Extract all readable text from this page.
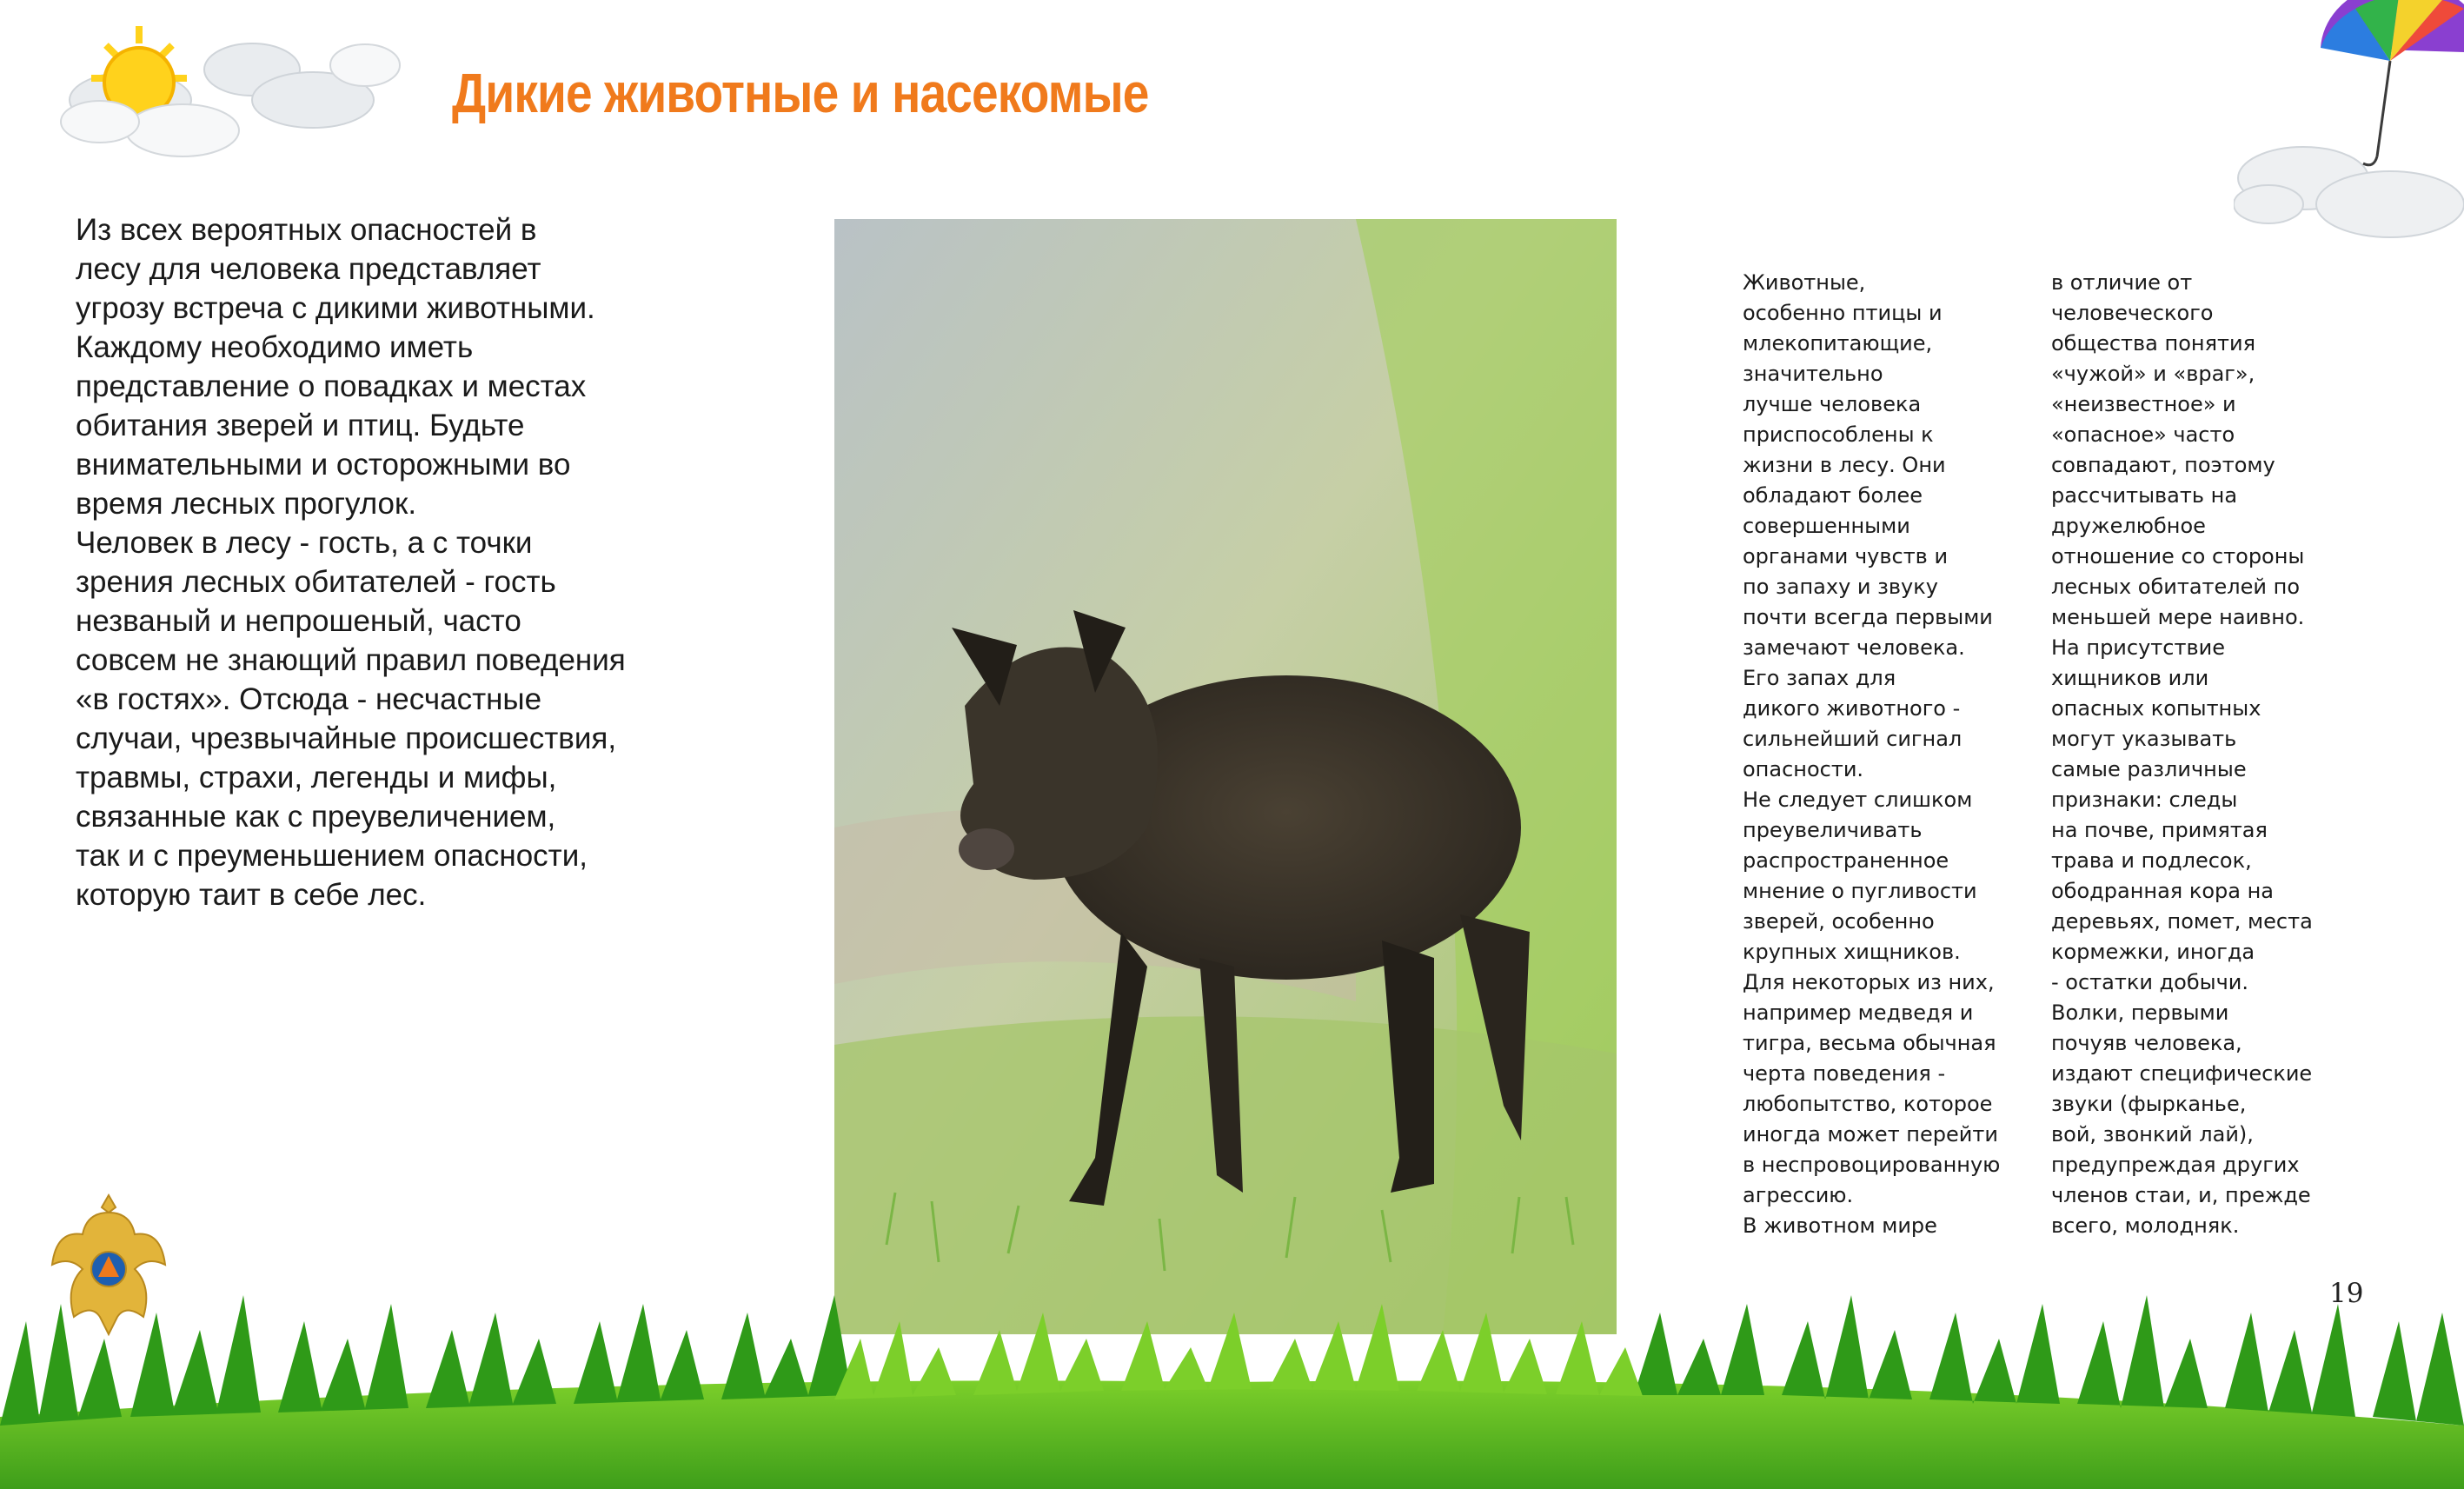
Дикие животные и насекомые
Из всех вероятных опасностей в
лесу для человека представляет
угрозу встреча с дикими животными.
Каждому необходимо иметь
представление о повадках и местах
обитания зверей и птиц. Будьте
внимательными и осторожными во
время лесных прогулок.
Человек в лесу - гость, а с точки
зрения лесных обитателей - гость
незваный и непрошеный, часто
совсем не знающий правил поведения
«в гостях». Отсюда - несчастные
случаи, чрезвычайные происшествия,
травмы, страхи, легенды и мифы,
связанные как с преувеличением,
так и с преуменьшением опасности,
которую таит в себе лес.
Животные,
особенно птицы и
млекопитающие,
значительно
лучше человека
приспособлены к
жизни в лесу. Они
обладают более
совершенными
органами чувств и
по запаху и звуку
почти всегда первыми
замечают человека.
Его запах для
дикого животного -
сильнейший сигнал
опасности.
Не следует слишком
преувеличивать
распространенное
мнение о пугливости
зверей, особенно
крупных хищников.
Для некоторых из них,
например медведя и
тигра, весьма обычная
черта поведения -
любопытство, которое
иногда может перейти
в неспровоцированную
агрессию.
В животном мире
в отличие от
человеческого
общества понятия
«чужой» и «враг»,
«неизвестное» и
«опасное» часто
совпадают, поэтому
рассчитывать на
дружелюбное
отношение со стороны
лесных обитателей по
меньшей мере наивно.
На присутствие
хищников или
опасных копытных
могут указывать
самые различные
признаки: следы
на почве, примятая
трава и подлесок,
ободранная кора на
деревьях, помет, места
кормежки, иногда
- остатки добычи.
Волки, первыми
почуяв человека,
издают специфические
звуки (фырканье,
вой, звонкий лай),
предупреждая других
членов стаи, и, прежде
всего, молодняк.
19
